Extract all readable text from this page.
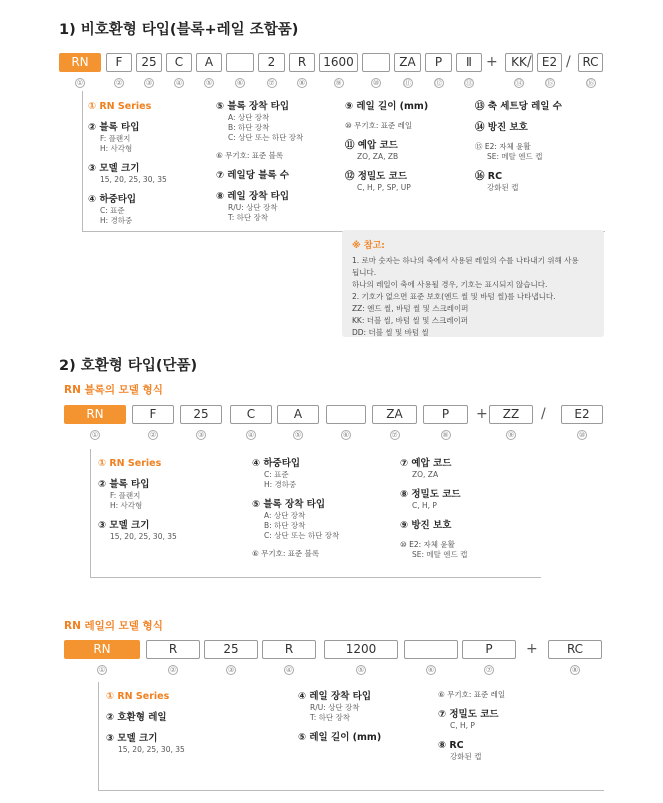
1) 비호환형 타입(블록+레일 조합품)
RN
①
F
②
25
③
C
④
A
⑤	⑥
2
⑦
R
⑧
1600
⑨	⑩
ZA
⑪
P
⑫
Ⅱ
⑬
KK
⑭
E2
⑮
RC
⑯
+ / /
① RN Series
② 블록 타입
F: 플랜지
H: 사각형
③ 모델 크기
15, 20, 25, 30, 35
④ 하중타입
C: 표준
H: 경하중
⑤ 블록 장착 타입
A: 상단 장착
B: 하단 장착
C: 상단 또는 하단 장착
⑥ 무기호: 표준 블록
⑦ 레일당 블록 수
⑧ 레일 장착 타입
R/U: 상단 장착
T: 하단 장착
⑨ 레일 길이 (mm)
⑩ 무기호: 표준 레일
⑪ 예압 코드
ZO, ZA, ZB
⑫ 정밀도 코드
C, H, P, SP, UP
⑬ 축 세트당 레일 수
⑭ 방진 보호
⑮ E2: 자체 윤활
SE: 메탈 엔드 캡
⑯ RC
강화된 캡
※ 참고:
1. 로마 숫자는 하나의 축에서 사용된 레일의 수를 나타내기 위해 사용
됩니다.
하나의 레일이 축에 사용될 경우, 기호는 표시되지 않습니다.
2. 기호가 없으면 표준 보호(엔드 씰 및 바텀 씰)를 나타냅니다.
ZZ: 엔드 씰, 바텀 씰 및 스크레이퍼
KK: 더블 씰, 바텀 씰 및 스크레이퍼
DD: 더블 씰 및 바텀 씰
2) 호환형 타입(단품)
RN 블록의 모델 형식
RN
①
F
②
25
③
C
④
A
⑤	⑥
ZA
⑦
P
⑧
ZZ
⑨
E2
⑩
+	/
① RN Series
② 블록 타입
F: 플랜지
H: 사각형
③ 모델 크기
15, 20, 25, 30, 35
④ 하중타입
C: 표준
H: 경하중
⑤ 블록 장착 타입
A: 상단 장착
B: 하단 장착
C: 상단 또는 하단 장착
⑥ 무기호: 표준 블록
⑦ 예압 코드
ZO, ZA
⑧ 정밀도 코드
C, H, P
⑨ 방진 보호
⑩ E2: 자체 윤활
SE: 메탈 엔드 캡
RN 레일의 모델 형식
RN
①
R
②
25
③
R
④
1200
⑤	⑥
P
⑦
RC
⑧
+
① RN Series
② 호환형 레일
③ 모델 크기
15, 20, 25, 30, 35
④ 레일 장착 타입
R/U: 상단 장착
T: 하단 장착
⑤ 레일 길이 (mm)
⑥ 무기호: 표준 레일
⑦ 정밀도 코드
C, H, P
⑧ RC
강화된 캡
